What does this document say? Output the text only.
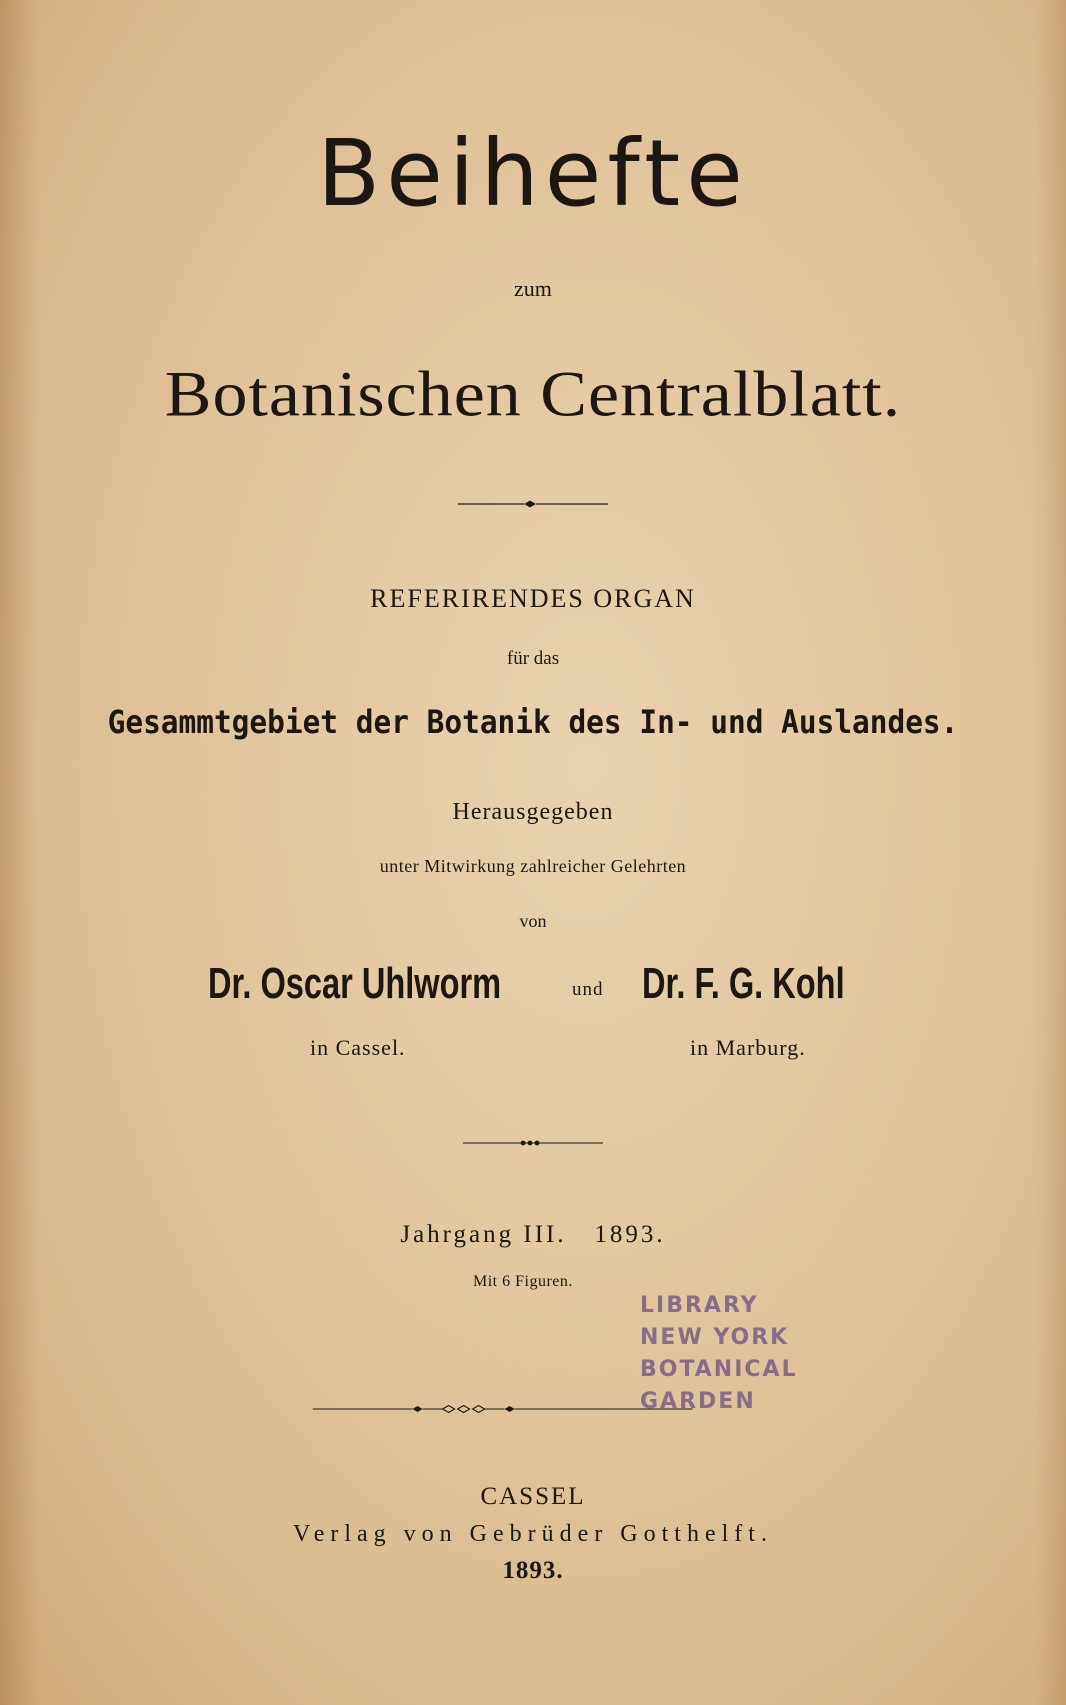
Beihefte
zum
Botanischen Centralblatt.
REFERIRENDES ORGAN
für das
Gesammtgebiet der Botanik des In- und Auslandes.
Herausgegeben
unter Mitwirkung zahlreicher Gelehrten
von
Dr. Oscar Uhlworm	und Dr. F. G. Kohl
in Cassel.	in Marburg.
Jahrgang III. 1893.
Mit 6 Figuren.
LIBRARY
NEW YORK
BOTANICAL
GARDEN
CASSEL
Verlag von Gebrüder Gotthelft.
1893.
